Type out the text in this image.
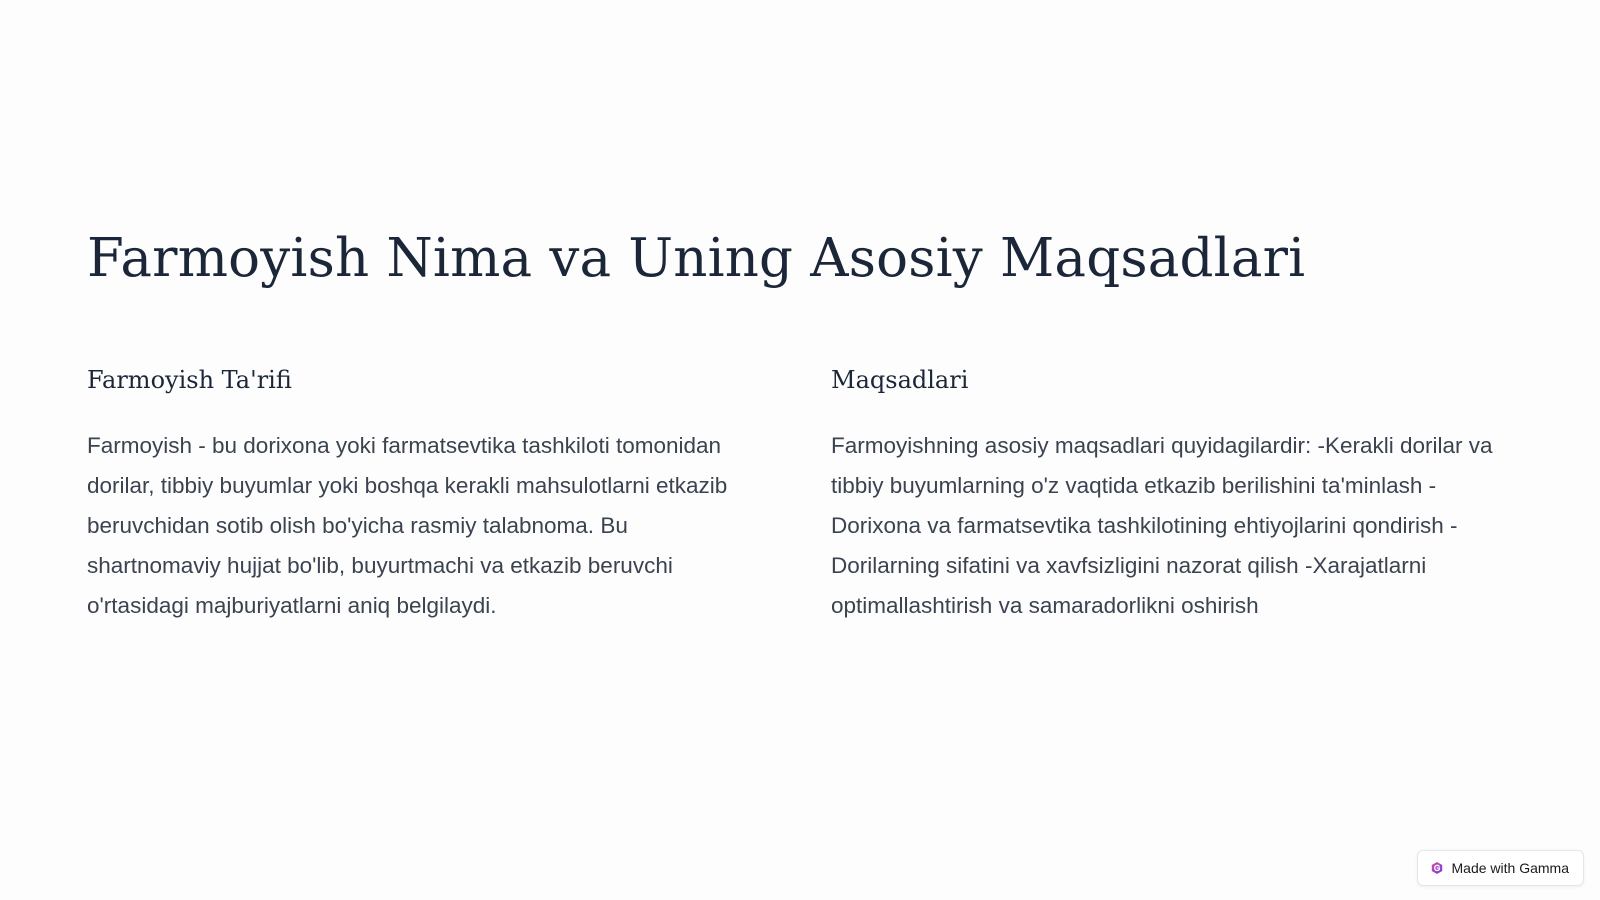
Farmoyish Nima va Uning Asosiy Maqsadlari
Farmoyish Ta'rifi

Farmoyish - bu dorixona yoki farmatsevtika tashkiloti tomonidan dorilar, tibbiy buyumlar yoki boshqa kerakli mahsulotlarni etkazib beruvchidan sotib olish bo'yicha rasmiy talabnoma. Bu shartnomaviy hujjat bo'lib, buyurtmachi va etkazib beruvchi o'rtasidagi majburiyatlarni aniq belgilaydi.

Maqsadlari

Farmoyishning asosiy maqsadlari quyidagilardir: -Kerakli dorilar va tibbiy buyumlarning o'z vaqtida etkazib berilishini ta'minlash -Dorixona va farmatsevtika tashkilotining ehtiyojlarini qondirish -Dorilarning sifatini va xavfsizligini nazorat qilish -Xarajatlarni optimallashtirish va samaradorlikni oshirish

Made with Gamma
